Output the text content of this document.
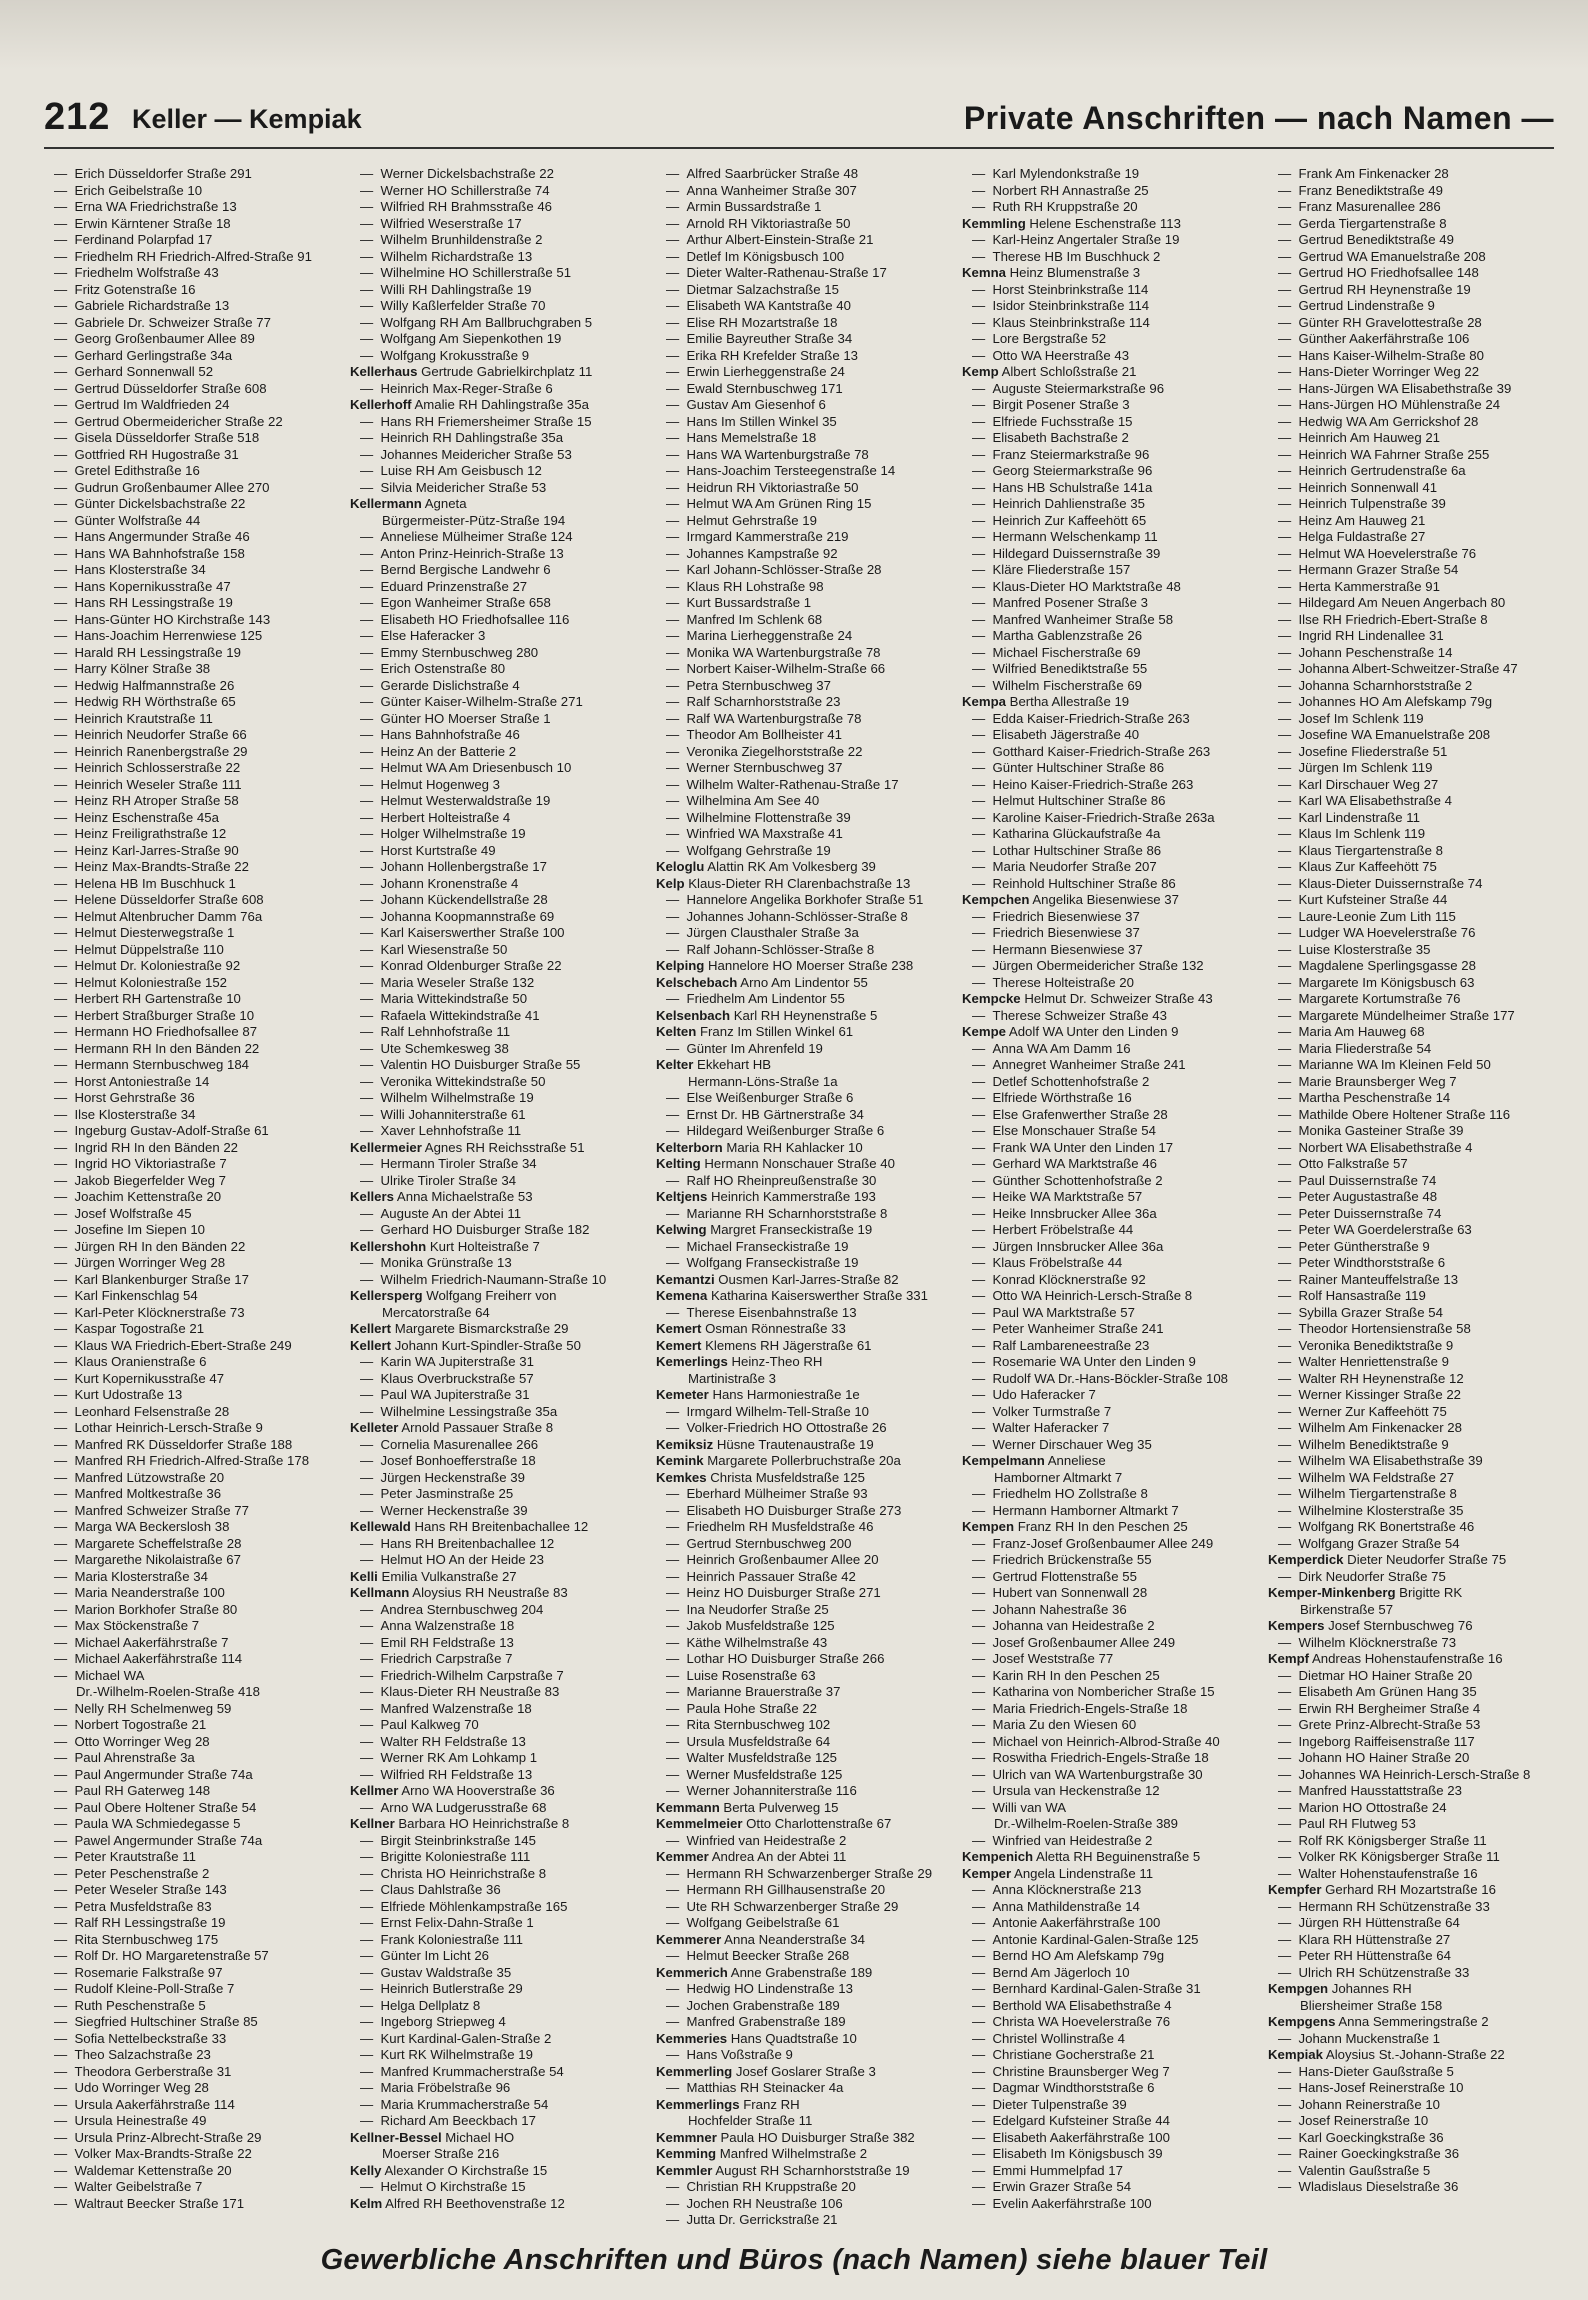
212 Keller — Kempiak	Private Anschriften — nach Namen —
—  Erich Düsseldorfer Straße 291
—  Erich Geibelstraße 10
—  Erna WA Friedrichstraße 13
—  Erwin Kärntener Straße 18
—  Ferdinand Polarpfad 17
—  Friedhelm RH Friedrich-Alfred-Straße 91
—  Friedhelm Wolfstraße 43
—  Fritz Gotenstraße 16
—  Gabriele Richardstraße 13
—  Gabriele Dr. Schweizer Straße 77
—  Georg Großenbaumer Allee 89
—  Gerhard Gerlingstraße 34a
—  Gerhard Sonnenwall 52
—  Gertrud Düsseldorfer Straße 608
—  Gertrud Im Waldfrieden 24
—  Gertrud Obermeidericher Straße 22
—  Gisela Düsseldorfer Straße 518
—  Gottfried RH Hugostraße 31
—  Gretel Edithstraße 16
—  Gudrun Großenbaumer Allee 270
—  Günter Dickelsbachstraße 22
—  Günter Wolfstraße 44
—  Hans Angermunder Straße 46
—  Hans WA Bahnhofstraße 158
—  Hans Klosterstraße 34
—  Hans Kopernikusstraße 47
—  Hans RH Lessingstraße 19
—  Hans-Günter HO Kirchstraße 143
—  Hans-Joachim Herrenwiese 125
—  Harald RH Lessingstraße 19
—  Harry Kölner Straße 38
—  Hedwig Halfmannstraße 26
—  Hedwig RH Wörthstraße 65
—  Heinrich Krautstraße 11
—  Heinrich Neudorfer Straße 66
—  Heinrich Ranenbergstraße 29
—  Heinrich Schlosserstraße 22
—  Heinrich Weseler Straße 111
—  Heinz RH Atroper Straße 58
—  Heinz Eschenstraße 45a
—  Heinz Freiligrathstraße 12
—  Heinz Karl-Jarres-Straße 90
—  Heinz Max-Brandts-Straße 22
—  Helena HB Im Buschhuck 1
—  Helene Düsseldorfer Straße 608
—  Helmut Altenbrucher Damm 76a
—  Helmut Diesterwegstraße 1
—  Helmut Düppelstraße 110
—  Helmut Dr. Koloniestraße 92
—  Helmut Koloniestraße 152
—  Herbert RH Gartenstraße 10
—  Herbert Straßburger Straße 10
—  Hermann HO Friedhofsallee 87
—  Hermann RH In den Bänden 22
—  Hermann Sternbuschweg 184
—  Horst Antoniestraße 14
—  Horst Gehrstraße 36
—  Ilse Klosterstraße 34
—  Ingeburg Gustav-Adolf-Straße 61
—  Ingrid RH In den Bänden 22
—  Ingrid HO Viktoriastraße 7
—  Jakob Biegerfelder Weg 7
—  Joachim Kettenstraße 20
—  Josef Wolfstraße 45
—  Josefine Im Siepen 10
—  Jürgen RH In den Bänden 22
—  Jürgen Worringer Weg 28
—  Karl Blankenburger Straße 17
—  Karl Finkenschlag 54
—  Karl-Peter Klöcknerstraße 73
—  Kaspar Togostraße 21
—  Klaus WA Friedrich-Ebert-Straße 249
—  Klaus Oranienstraße 6
—  Kurt Kopernikusstraße 47
—  Kurt Udostraße 13
—  Leonhard Felsenstraße 28
—  Lothar Heinrich-Lersch-Straße 9
—  Manfred RK Düsseldorfer Straße 188
—  Manfred RH Friedrich-Alfred-Straße 178
—  Manfred Lützowstraße 20
—  Manfred Moltkestraße 36
—  Manfred Schweizer Straße 77
—  Marga WA Beckerslosh 38
—  Margarete Scheffelstraße 28
—  Margarethe Nikolaistraße 67
—  Maria Klosterstraße 34
—  Maria Neanderstraße 100
—  Marion Borkhofer Straße 80
—  Max Stöckenstraße 7
—  Michael Aakerfährstraße 7
—  Michael Aakerfährstraße 114
—  Michael WA
Dr.-Wilhelm-Roelen-Straße 418
—  Nelly RH Schelmenweg 59
—  Norbert Togostraße 21
—  Otto Worringer Weg 28
—  Paul Ahrenstraße 3a
—  Paul Angermunder Straße 74a
—  Paul RH Gaterweg 148
—  Paul Obere Holtener Straße 54
—  Paula WA Schmiedegasse 5
—  Pawel Angermunder Straße 74a
—  Peter Krautstraße 11
—  Peter Peschenstraße 2
—  Peter Weseler Straße 143
—  Petra Musfeldstraße 83
—  Ralf RH Lessingstraße 19
—  Rita Sternbuschweg 175
—  Rolf Dr. HO Margaretenstraße 57
—  Rosemarie Falkstraße 97
—  Rudolf Kleine-Poll-Straße 7
—  Ruth Peschenstraße 5
—  Siegfried Hultschiner Straße 85
—  Sofia Nettelbeckstraße 33
—  Theo Salzachstraße 23
—  Theodora Gerberstraße 31
—  Udo Worringer Weg 28
—  Ursula Aakerfährstraße 114
—  Ursula Heinestraße 49
—  Ursula Prinz-Albrecht-Straße 29
—  Volker Max-Brandts-Straße 22
—  Waldemar Kettenstraße 20
—  Walter Geibelstraße 7
—  Waltraut Beecker Straße 171
—  Werner Dickelsbachstraße 22
—  Werner HO Schillerstraße 74
—  Wilfried RH Brahmsstraße 46
—  Wilfried Weserstraße 17
—  Wilhelm Brunhildenstraße 2
—  Wilhelm Richardstraße 13
—  Wilhelmine HO Schillerstraße 51
—  Willi RH Dahlingstraße 19
—  Willy Kaßlerfelder Straße 70
—  Wolfgang RH Am Ballbruchgraben 5
—  Wolfgang Am Siepenkothen 19
—  Wolfgang Krokusstraße 9
Kellerhaus Gertrude Gabrielkirchplatz 11
—  Heinrich Max-Reger-Straße 6
Kellerhoff Amalie RH Dahlingstraße 35a
—  Hans RH Friemersheimer Straße 15
—  Heinrich RH Dahlingstraße 35a
—  Johannes Meidericher Straße 53
—  Luise RH Am Geisbusch 12
—  Silvia Meidericher Straße 53
Kellermann Agneta
Bürgermeister-Pütz-Straße 194
—  Anneliese Mülheimer Straße 124
—  Anton Prinz-Heinrich-Straße 13
—  Bernd Bergische Landwehr 6
—  Eduard Prinzenstraße 27
—  Egon Wanheimer Straße 658
—  Elisabeth HO Friedhofsallee 116
—  Else Haferacker 3
—  Emmy Sternbuschweg 280
—  Erich Ostenstraße 80
—  Gerarde Dislichstraße 4
—  Günter Kaiser-Wilhelm-Straße 271
—  Günter HO Moerser Straße 1
—  Hans Bahnhofstraße 46
—  Heinz An der Batterie 2
—  Helmut WA Am Driesenbusch 10
—  Helmut Hogenweg 3
—  Helmut Westerwaldstraße 19
—  Herbert Holteistraße 4
—  Holger Wilhelmstraße 19
—  Horst Kurtstraße 49
—  Johann Hollenbergstraße 17
—  Johann Kronenstraße 4
—  Johann Kückendellstraße 28
—  Johanna Koopmannstraße 69
—  Karl Kaiserswerther Straße 100
—  Karl Wiesenstraße 50
—  Konrad Oldenburger Straße 22
—  Maria Weseler Straße 132
—  Maria Wittekindstraße 50
—  Rafaela Wittekindstraße 41
—  Ralf Lehnhofstraße 11
—  Ute Schemkesweg 38
—  Valentin HO Duisburger Straße 55
—  Veronika Wittekindstraße 50
—  Wilhelm Wilhelmstraße 19
—  Willi Johanniterstraße 61
—  Xaver Lehnhofstraße 11
Kellermeier Agnes RH Reichsstraße 51
—  Hermann Tiroler Straße 34
—  Ulrike Tiroler Straße 34
Kellers Anna Michaelstraße 53
—  Auguste An der Abtei 11
—  Gerhard HO Duisburger Straße 182
Kellershohn Kurt Holteistraße 7
—  Monika Grünstraße 13
—  Wilhelm Friedrich-Naumann-Straße 10
Kellersperg Wolfgang Freiherr von
Mercatorstraße 64
Kellert Margarete Bismarckstraße 29
Kellert Johann Kurt-Spindler-Straße 50
—  Karin WA Jupiterstraße 31
—  Klaus Overbruckstraße 57
—  Paul WA Jupiterstraße 31
—  Wilhelmine Lessingstraße 35a
Kelleter Arnold Passauer Straße 8
—  Cornelia Masurenallee 266
—  Josef Bonhoefferstraße 18
—  Jürgen Heckenstraße 39
—  Peter Jasminstraße 25
—  Werner Heckenstraße 39
Kellewald Hans RH Breitenbachallee 12
—  Hans RH Breitenbachallee 12
—  Helmut HO An der Heide 23
Kelli Emilia Vulkanstraße 27
Kellmann Aloysius RH Neustraße 83
—  Andrea Sternbuschweg 204
—  Anna Walzenstraße 18
—  Emil RH Feldstraße 13
—  Friedrich Carpstraße 7
—  Friedrich-Wilhelm Carpstraße 7
—  Klaus-Dieter RH Neustraße 83
—  Manfred Walzenstraße 18
—  Paul Kalkweg 70
—  Walter RH Feldstraße 13
—  Werner RK Am Lohkamp 1
—  Wilfried RH Feldstraße 13
Kellmer Arno WA Hooverstraße 36
—  Arno WA Ludgerusstraße 68
Kellner Barbara HO Heinrichstraße 8
—  Birgit Steinbrinkstraße 145
—  Brigitte Koloniestraße 111
—  Christa HO Heinrichstraße 8
—  Claus Dahlstraße 36
—  Elfriede Möhlenkampstraße 165
—  Ernst Felix-Dahn-Straße 1
—  Frank Koloniestraße 111
—  Günter Im Licht 26
—  Gustav Waldstraße 35
—  Heinrich Butlerstraße 29
—  Helga Dellplatz 8
—  Ingeborg Striepweg 4
—  Kurt Kardinal-Galen-Straße 2
—  Kurt RK Wilhelmstraße 19
—  Manfred Krummacherstraße 54
—  Maria Fröbelstraße 96
—  Maria Krummacherstraße 54
—  Richard Am Beeckbach 17
Kellner-Bessel Michael HO
Moerser Straße 216
Kelly Alexander O Kirchstraße 15
—  Helmut O Kirchstraße 15
Kelm Alfred RH Beethovenstraße 12
—  Alfred Saarbrücker Straße 48
—  Anna Wanheimer Straße 307
—  Armin Bussardstraße 1
—  Arnold RH Viktoriastraße 50
—  Arthur Albert-Einstein-Straße 21
—  Detlef Im Königsbusch 100
—  Dieter Walter-Rathenau-Straße 17
—  Dietmar Salzachstraße 15
—  Elisabeth WA Kantstraße 40
—  Elise RH Mozartstraße 18
—  Emilie Bayreuther Straße 34
—  Erika RH Krefelder Straße 13
—  Erwin Lierheggenstraße 24
—  Ewald Sternbuschweg 171
—  Gustav Am Giesenhof 6
—  Hans Im Stillen Winkel 35
—  Hans Memelstraße 18
—  Hans WA Wartenburgstraße 78
—  Hans-Joachim Tersteegenstraße 14
—  Heidrun RH Viktoriastraße 50
—  Helmut WA Am Grünen Ring 15
—  Helmut Gehrstraße 19
—  Irmgard Kammerstraße 219
—  Johannes Kampstraße 92
—  Karl Johann-Schlösser-Straße 28
—  Klaus RH Lohstraße 98
—  Kurt Bussardstraße 1
—  Manfred Im Schlenk 68
—  Marina Lierheggenstraße 24
—  Monika WA Wartenburgstraße 78
—  Norbert Kaiser-Wilhelm-Straße 66
—  Petra Sternbuschweg 37
—  Ralf Scharnhorststraße 23
—  Ralf WA Wartenburgstraße 78
—  Theodor Am Bollheister 41
—  Veronika Ziegelhorststraße 22
—  Werner Sternbuschweg 37
—  Wilhelm Walter-Rathenau-Straße 17
—  Wilhelmina Am See 40
—  Wilhelmine Flottenstraße 39
—  Winfried WA Maxstraße 41
—  Wolfgang Gehrstraße 19
Keloglu Alattin RK Am Volkesberg 39
Kelp Klaus-Dieter RH Clarenbachstraße 13
—  Hannelore Angelika Borkhofer Straße 51
—  Johannes Johann-Schlösser-Straße 8
—  Jürgen Clausthaler Straße 3a
—  Ralf Johann-Schlösser-Straße 8
Kelping Hannelore HO Moerser Straße 238
Kelschebach Arno Am Lindentor 55
—  Friedhelm Am Lindentor 55
Kelsenbach Karl RH Heynenstraße 5
Kelten Franz Im Stillen Winkel 61
—  Günter Im Ahrenfeld 19
Kelter Ekkehart HB
Hermann-Löns-Straße 1a
—  Else Weißenburger Straße 6
—  Ernst Dr. HB Gärtnerstraße 34
—  Hildegard Weißenburger Straße 6
Kelterborn Maria RH Kahlacker 10
Kelting Hermann Nonschauer Straße 40
—  Ralf HO Rheinpreußenstraße 30
Keltjens Heinrich Kammerstraße 193
—  Marianne RH Scharnhorststraße 8
Kelwing Margret Franseckistraße 19
—  Michael Franseckistraße 19
—  Wolfgang Franseckistraße 19
Kemantzi Ousmen Karl-Jarres-Straße 82
Kemena Katharina Kaiserswerther Straße 331
—  Therese Eisenbahnstraße 13
Kemert Osman Rönnestraße 33
Kemert Klemens RH Jägerstraße 61
Kemerlings Heinz-Theo RH
Martinistraße 3
Kemeter Hans Harmoniestraße 1e
—  Irmgard Wilhelm-Tell-Straße 10
—  Volker-Friedrich HO Ottostraße 26
Kemiksiz Hüsne Trautenaustraße 19
Kemink Margarete Pollerbruchstraße 20a
Kemkes Christa Musfeldstraße 125
—  Eberhard Mülheimer Straße 93
—  Elisabeth HO Duisburger Straße 273
—  Friedhelm RH Musfeldstraße 46
—  Gertrud Sternbuschweg 200
—  Heinrich Großenbaumer Allee 20
—  Heinrich Passauer Straße 42
—  Heinz HO Duisburger Straße 271
—  Ina Neudorfer Straße 25
—  Jakob Musfeldstraße 125
—  Käthe Wilhelmstraße 43
—  Lothar HO Duisburger Straße 266
—  Luise Rosenstraße 63
—  Marianne Brauerstraße 37
—  Paula Hohe Straße 22
—  Rita Sternbuschweg 102
—  Ursula Musfeldstraße 64
—  Walter Musfeldstraße 125
—  Werner Musfeldstraße 125
—  Werner Johanniterstraße 116
Kemmann Berta Pulverweg 15
Kemmelmeier Otto Charlottenstraße 67
—  Winfried van Heidestraße 2
Kemmer Andrea An der Abtei 11
—  Hermann RH Schwarzenberger Straße 29
—  Hermann RH Gillhausenstraße 20
—  Ute RH Schwarzenberger Straße 29
—  Wolfgang Geibelstraße 61
Kemmerer Anna Neanderstraße 34
—  Helmut Beecker Straße 268
Kemmerich Anne Grabenstraße 189
—  Hedwig HO Lindenstraße 13
—  Jochen Grabenstraße 189
—  Manfred Grabenstraße 189
Kemmeries Hans Quadtstraße 10
—  Hans Voßstraße 9
Kemmerling Josef Goslarer Straße 3
—  Matthias RH Steinacker 4a
Kemmerlings Franz RH
Hochfelder Straße 11
Kemmner Paula HO Duisburger Straße 382
Kemming Manfred Wilhelmstraße 2
Kemmler August RH Scharnhorststraße 19
—  Christian RH Kruppstraße 20
—  Jochen RH Neustraße 106
—  Jutta Dr. Gerrickstraße 21
—  Karl Mylendonkstraße 19
—  Norbert RH Annastraße 25
—  Ruth RH Kruppstraße 20
Kemmling Helene Eschenstraße 113
—  Karl-Heinz Angertaler Straße 19
—  Therese HB Im Buschhuck 2
Kemna Heinz Blumenstraße 3
—  Horst Steinbrinkstraße 114
—  Isidor Steinbrinkstraße 114
—  Klaus Steinbrinkstraße 114
—  Lore Bergstraße 52
—  Otto WA Heerstraße 43
Kemp Albert Schloßstraße 21
—  Auguste Steiermarkstraße 96
—  Birgit Posener Straße 3
—  Elfriede Fuchsstraße 15
—  Elisabeth Bachstraße 2
—  Franz Steiermarkstraße 96
—  Georg Steiermarkstraße 96
—  Hans HB Schulstraße 141a
—  Heinrich Dahlienstraße 35
—  Heinrich Zur Kaffeehött 65
—  Hermann Welschenkamp 11
—  Hildegard Duissernstraße 39
—  Kläre Fliederstraße 157
—  Klaus-Dieter HO Marktstraße 48
—  Manfred Posener Straße 3
—  Manfred Wanheimer Straße 58
—  Martha Gablenzstraße 26
—  Michael Fischerstraße 69
—  Wilfried Benediktstraße 55
—  Wilhelm Fischerstraße 69
Kempa Bertha Allestraße 19
—  Edda Kaiser-Friedrich-Straße 263
—  Elisabeth Jägerstraße 40
—  Gotthard Kaiser-Friedrich-Straße 263
—  Günter Hultschiner Straße 86
—  Heino Kaiser-Friedrich-Straße 263
—  Helmut Hultschiner Straße 86
—  Karoline Kaiser-Friedrich-Straße 263a
—  Katharina Glückaufstraße 4a
—  Lothar Hultschiner Straße 86
—  Maria Neudorfer Straße 207
—  Reinhold Hultschiner Straße 86
Kempchen Angelika Biesenwiese 37
—  Friedrich Biesenwiese 37
—  Friedrich Biesenwiese 37
—  Hermann Biesenwiese 37
—  Jürgen Obermeidericher Straße 132
—  Therese Holteistraße 20
Kempcke Helmut Dr. Schweizer Straße 43
—  Therese Schweizer Straße 43
Kempe Adolf WA Unter den Linden 9
—  Anna WA Am Damm 16
—  Annegret Wanheimer Straße 241
—  Detlef Schottenhofstraße 2
—  Elfriede Wörthstraße 16
—  Else Grafenwerther Straße 28
—  Else Monschauer Straße 54
—  Frank WA Unter den Linden 17
—  Gerhard WA Marktstraße 46
—  Günther Schottenhofstraße 2
—  Heike WA Marktstraße 57
—  Heike Innsbrucker Allee 36a
—  Herbert Fröbelstraße 44
—  Jürgen Innsbrucker Allee 36a
—  Klaus Fröbelstraße 44
—  Konrad Klöcknerstraße 92
—  Otto WA Heinrich-Lersch-Straße 8
—  Paul WA Marktstraße 57
—  Peter Wanheimer Straße 241
—  Ralf Lambareneestraße 23
—  Rosemarie WA Unter den Linden 9
—  Rudolf WA Dr.-Hans-Böckler-Straße 108
—  Udo Haferacker 7
—  Volker Turmstraße 7
—  Walter Haferacker 7
—  Werner Dirschauer Weg 35
Kempelmann Anneliese
Hamborner Altmarkt 7
—  Friedhelm HO Zollstraße 8
—  Hermann Hamborner Altmarkt 7
Kempen Franz RH In den Peschen 25
—  Franz-Josef Großenbaumer Allee 249
—  Friedrich Brückenstraße 55
—  Gertrud Flottenstraße 55
—  Hubert van Sonnenwall 28
—  Johann Nahestraße 36
—  Johanna van Heidestraße 2
—  Josef Großenbaumer Allee 249
—  Josef Weststraße 77
—  Karin RH In den Peschen 25
—  Katharina von Nombericher Straße 15
—  Maria Friedrich-Engels-Straße 18
—  Maria Zu den Wiesen 60
—  Michael von Heinrich-Albrod-Straße 40
—  Roswitha Friedrich-Engels-Straße 18
—  Ulrich van WA Wartenburgstraße 30
—  Ursula van Heckenstraße 12
—  Willi van WA
Dr.-Wilhelm-Roelen-Straße 389
—  Winfried van Heidestraße 2
Kempenich Aletta RH Beguinenstraße 5
Kemper Angela Lindenstraße 11
—  Anna Klöcknerstraße 213
—  Anna Mathildenstraße 14
—  Antonie Aakerfährstraße 100
—  Antonie Kardinal-Galen-Straße 125
—  Bernd HO Am Alefskamp 79g
—  Bernd Am Jägerloch 10
—  Bernhard Kardinal-Galen-Straße 31
—  Berthold WA Elisabethstraße 4
—  Christa WA Hoevelerstraße 76
—  Christel Wollinstraße 4
—  Christiane Gocherstraße 21
—  Christine Braunsberger Weg 7
—  Dagmar Windthorststraße 6
—  Dieter Tulpenstraße 39
—  Edelgard Kufsteiner Straße 44
—  Elisabeth Aakerfährstraße 100
—  Elisabeth Im Königsbusch 39
—  Emmi Hummelpfad 17
—  Erwin Grazer Straße 54
—  Evelin Aakerfährstraße 100
—  Frank Am Finkenacker 28
—  Franz Benediktstraße 49
—  Franz Masurenallee 286
—  Gerda Tiergartenstraße 8
—  Gertrud Benediktstraße 49
—  Gertrud WA Emanuelstraße 208
—  Gertrud HO Friedhofsallee 148
—  Gertrud RH Heynenstraße 19
—  Gertrud Lindenstraße 9
—  Günter RH Gravelottestraße 28
—  Günther Aakerfährstraße 106
—  Hans Kaiser-Wilhelm-Straße 80
—  Hans-Dieter Worringer Weg 22
—  Hans-Jürgen WA Elisabethstraße 39
—  Hans-Jürgen HO Mühlenstraße 24
—  Hedwig WA Am Gerrickshof 28
—  Heinrich Am Hauweg 21
—  Heinrich WA Fahrner Straße 255
—  Heinrich Gertrudenstraße 6a
—  Heinrich Sonnenwall 41
—  Heinrich Tulpenstraße 39
—  Heinz Am Hauweg 21
—  Helga Fuldastraße 27
—  Helmut WA Hoevelerstraße 76
—  Hermann Grazer Straße 54
—  Herta Kammerstraße 91
—  Hildegard Am Neuen Angerbach 80
—  Ilse RH Friedrich-Ebert-Straße 8
—  Ingrid RH Lindenallee 31
—  Johann Peschenstraße 14
—  Johanna Albert-Schweitzer-Straße 47
—  Johanna Scharnhorststraße 2
—  Johannes HO Am Alefskamp 79g
—  Josef Im Schlenk 119
—  Josefine WA Emanuelstraße 208
—  Josefine Fliederstraße 51
—  Jürgen Im Schlenk 119
—  Karl Dirschauer Weg 27
—  Karl WA Elisabethstraße 4
—  Karl Lindenstraße 11
—  Klaus Im Schlenk 119
—  Klaus Tiergartenstraße 8
—  Klaus Zur Kaffeehött 75
—  Klaus-Dieter Duissernstraße 74
—  Kurt Kufsteiner Straße 44
—  Laure-Leonie Zum Lith 115
—  Ludger WA Hoevelerstraße 76
—  Luise Klosterstraße 35
—  Magdalene Sperlingsgasse 28
—  Margarete Im Königsbusch 63
—  Margarete Kortumstraße 76
—  Margarete Mündelheimer Straße 177
—  Maria Am Hauweg 68
—  Maria Fliederstraße 54
—  Marianne WA Im Kleinen Feld 50
—  Marie Braunsberger Weg 7
—  Martha Peschenstraße 14
—  Mathilde Obere Holtener Straße 116
—  Monika Gasteiner Straße 39
—  Norbert WA Elisabethstraße 4
—  Otto Falkstraße 57
—  Paul Duissernstraße 74
—  Peter Augustastraße 48
—  Peter Duissernstraße 74
—  Peter WA Goerdelerstraße 63
—  Peter Güntherstraße 9
—  Peter Windthorststraße 6
—  Rainer Manteuffelstraße 13
—  Rolf Hansastraße 119
—  Sybilla Grazer Straße 54
—  Theodor Hortensienstraße 58
—  Veronika Benediktstraße 9
—  Walter Henriettenstraße 9
—  Walter RH Heynenstraße 12
—  Werner Kissinger Straße 22
—  Werner Zur Kaffeehött 75
—  Wilhelm Am Finkenacker 28
—  Wilhelm Benediktstraße 9
—  Wilhelm WA Elisabethstraße 39
—  Wilhelm WA Feldstraße 27
—  Wilhelm Tiergartenstraße 8
—  Wilhelmine Klosterstraße 35
—  Wolfgang RK Bonertstraße 46
—  Wolfgang Grazer Straße 54
Kemperdick Dieter Neudorfer Straße 75
—  Dirk Neudorfer Straße 75
Kemper-Minkenberg Brigitte RK
Birkenstraße 57
Kempers Josef Sternbuschweg 76
—  Wilhelm Klöcknerstraße 73
Kempf Andreas Hohenstaufenstraße 16
—  Dietmar HO Hainer Straße 20
—  Elisabeth Am Grünen Hang 35
—  Erwin RH Bergheimer Straße 4
—  Grete Prinz-Albrecht-Straße 53
—  Ingeborg Raiffeisenstraße 117
—  Johann HO Hainer Straße 20
—  Johannes WA Heinrich-Lersch-Straße 8
—  Manfred Hausstattstraße 23
—  Marion HO Ottostraße 24
—  Paul RH Flutweg 53
—  Rolf RK Königsberger Straße 11
—  Volker RK Königsberger Straße 11
—  Walter Hohenstaufenstraße 16
Kempfer Gerhard RH Mozartstraße 16
—  Hermann RH Schützenstraße 33
—  Jürgen RH Hüttenstraße 64
—  Klara RH Hüttenstraße 27
—  Peter RH Hüttenstraße 64
—  Ulrich RH Schützenstraße 33
Kempgen Johannes RH
Bliersheimer Straße 158
Kempgens Anna Semmeringstraße 2
—  Johann Muckenstraße 1
Kempiak Aloysius St.-Johann-Straße 22
—  Hans-Dieter Gaußstraße 5
—  Hans-Josef Reinerstraße 10
—  Johann Reinerstraße 10
—  Josef Reinerstraße 10
—  Karl Goeckingkstraße 36
—  Rainer Goeckingkstraße 36
—  Valentin Gaußstraße 5
—  Wladislaus Dieselstraße 36
Gewerbliche Anschriften und Büros (nach Namen) siehe blauer Teil
